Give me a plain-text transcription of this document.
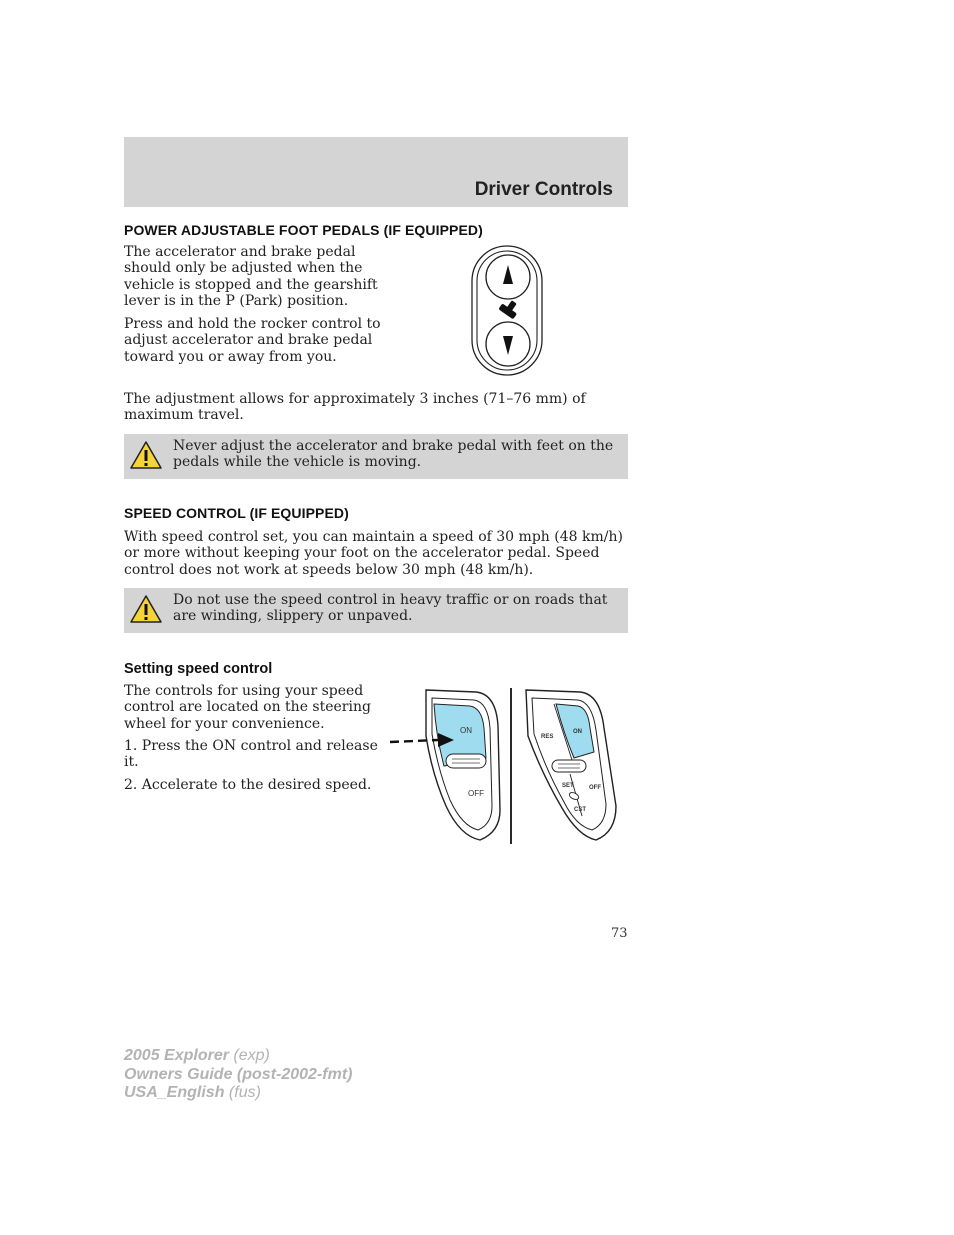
Driver Controls
POWER ADJUSTABLE FOOT PEDALS (IF EQUIPPED)

The accelerator and brake pedal
should only be adjusted when the
vehicle is stopped and the gearshift
lever is in the P (Park) position.

Press and hold the rocker control to
adjust accelerator and brake pedal
toward you or away from you.

The adjustment allows for approximately 3 inches (71–76 mm) of
maximum travel.

Never adjust the accelerator and brake pedal with feet on the
pedals while the vehicle is moving.
SPEED CONTROL (IF EQUIPPED)

With speed control set, you can maintain a speed of 30 mph (48 km/h)
or more without keeping your foot on the accelerator pedal. Speed
control does not work at speeds below 30 mph (48 km/h).

Do not use the speed control in heavy traffic or on roads that
are winding, slippery or unpaved.
Setting speed control

The controls for using your speed
control are located on the steering
wheel for your convenience.

1. Press the ON control and release
it.

2. Accelerate to the desired speed.

ON
OFF
RES
ON
SET	OFF
CST
73
2005 Explorer (exp)
Owners Guide (post-2002-fmt)
USA_English (fus)
